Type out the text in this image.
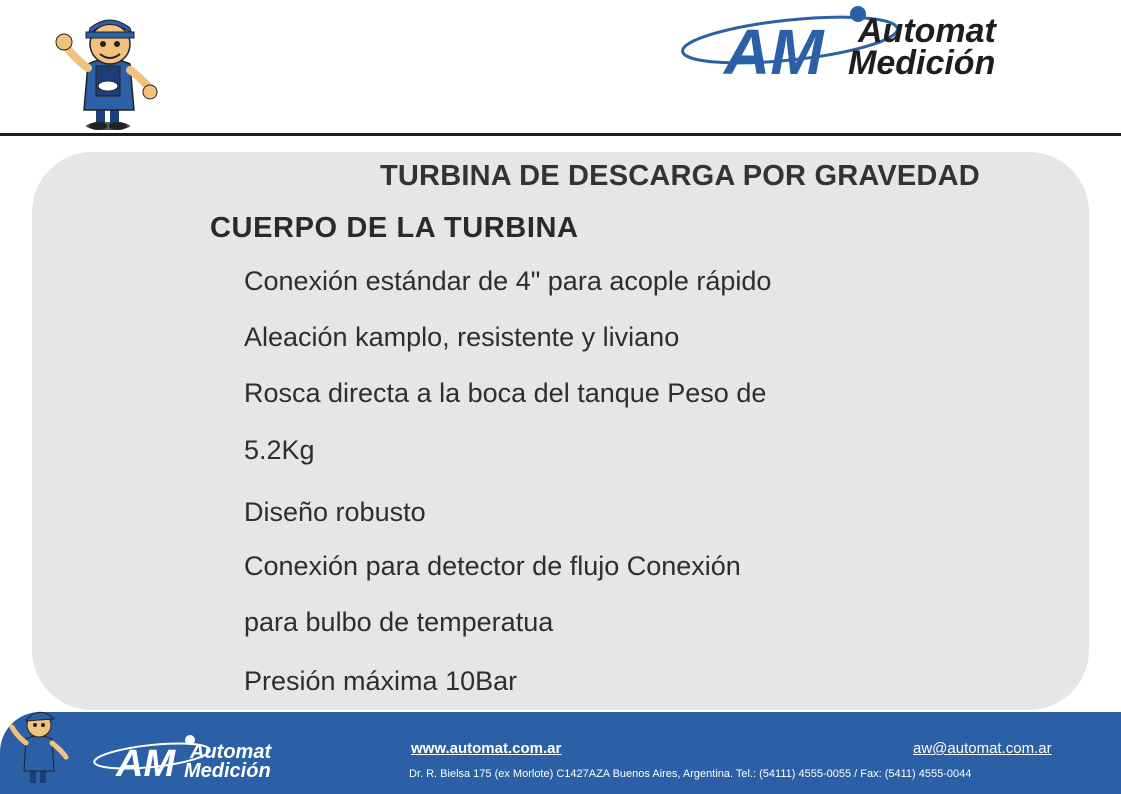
AM Automat
Medición
TURBINA DE DESCARGA POR GRAVEDAD
CUERPO DE LA TURBINA
Conexión estándar de 4" para acople rápido
Aleación kamplo, resistente y liviano
Rosca directa a la boca del tanque Peso de
5.2Kg
Diseño robusto
Conexión para detector de flujo Conexión
para bulbo de temperatua
Presión máxima 10Bar
AM Automat
Medición
www.automat.com.ar	aw@automat.com.ar
Dr. R. Bielsa 175 (ex Morlote) C1427AZA Buenos Aires, Argentina. Tel.: (54111) 4555-0055 / Fax: (5411) 4555-0044
